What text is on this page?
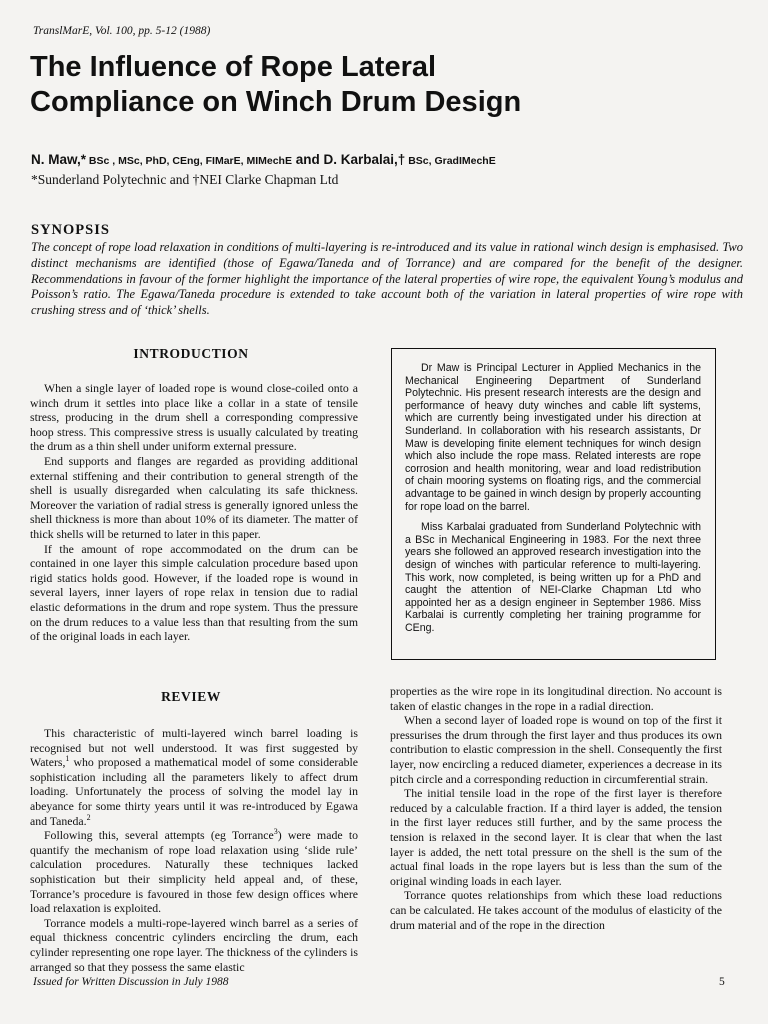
TranslMarE, Vol. 100, pp. 5-12 (1988)
The Influence of Rope Lateral
Compliance on Winch Drum Design
N. Maw,* BSc , MSc, PhD, CEng, FIMarE, MIMechE and D. Karbalai,† BSc, GradIMechE
*Sunderland Polytechnic and †NEI Clarke Chapman Ltd
SYNOPSIS

The concept of rope load relaxation in conditions of multi-layering is re-introduced and its value in rational winch design is emphasised. Two distinct mechanisms are identified (those of Egawa/Taneda and of Torrance) and are compared for the benefit of the designer. Recommendations in favour of the former highlight the importance of the lateral properties of wire rope, the equivalent Young’s modulus and Poisson’s ratio. The Egawa/Taneda procedure is extended to take account both of the variation in lateral properties of wire rope with crushing stress and of ‘thick’ shells.

INTRODUCTION

When a single layer of loaded rope is wound close-coiled onto a winch drum it settles into place like a collar in a state of tensile stress, producing in the drum shell a corresponding compressive hoop stress. This compressive stress is usually calculated by treating the drum as a thin shell under uniform external pressure.

End supports and flanges are regarded as providing additional external stiffening and their contribution to general strength of the shell is usually disregarded when calculating its safe thickness. Moreover the variation of radial stress is generally ignored unless the shell thickness is more than about 10% of its diameter. The matter of thick shells will be returned to later in this paper.

If the amount of rope accommodated on the drum can be contained in one layer this simple calculation procedure based upon rigid statics holds good. However, if the loaded rope is wound in several layers, inner layers of rope relax in tension due to radial elastic deformations in the drum and rope system. Thus the pressure on the drum reduces to a value less than that resulting from the sum of the original loads in each layer.

REVIEW

This characteristic of multi-layered winch barrel loading is recognised but not well understood. It was first suggested by Waters,$^1$ who proposed a mathematical model of some considerable sophistication including all the parameters likely to affect drum loading. Unfortunately the process of solving the model lay in abeyance for some thirty years until it was re-introduced by Egawa and Taneda.$^2$

Following this, several attempts (eg Torrance$^3$) were made to quantify the mechanism of rope load relaxation using ‘slide rule’ calculation procedures. Naturally these techniques lacked sophistication but their simplicity held appeal and, of these, Torrance’s procedure is favoured in those few design offices where load relaxation is exploited.

Torrance models a multi-rope-layered winch barrel as a series of equal thickness concentric cylinders encircling the drum, each cylinder representing one rope layer. The thickness of the cylinders is arranged so that they possess the same elastic

Dr Maw is Principal Lecturer in Applied Mechanics in the Mechanical Engineering Department of Sunderland Polytechnic. His present research interests are the design and performance of heavy duty winches and cable lift systems, which are currently being investigated under his direction at Sunderland. In collaboration with his research assistants, Dr Maw is developing finite element techniques for winch design which also include the rope mass. Related interests are rope corrosion and health monitoring, wear and load redistribution of chain mooring systems on floating rigs, and the commercial advantage to be gained in winch design by properly accounting for rope load on the barrel.

Miss Karbalai graduated from Sunderland Polytechnic with a BSc in Mechanical Engineering in 1983. For the next three years she followed an approved research investigation into the design of winches with particular reference to multi-layering. This work, now completed, is being written up for a PhD and caught the attention of NEI-Clarke Chapman Ltd who appointed her as a design engineer in September 1986. Miss Karbalai is currently completing her training programme for CEng.

properties as the wire rope in its longitudinal direction. No account is taken of elastic changes in the rope in a radial direction.

When a second layer of loaded rope is wound on top of the first it pressurises the drum through the first layer and thus produces its own contribution to elastic compression in the shell. Consequently the first layer, now encircling a reduced diameter, experiences a decrease in its pitch circle and a corresponding reduction in circumferential strain.

The initial tensile load in the rope of the first layer is therefore reduced by a calculable fraction. If a third layer is added, the tension in the first layer reduces still further, and by the same process the tension is relaxed in the second layer. It is clear that when the last layer is added, the nett total pressure on the shell is the sum of the actual final loads in the rope layers but is less than the sum of the original winding loads in each layer.

Torrance quotes relationships from which these load reductions can be calculated. He takes account of the modulus of elasticity of the drum material and of the rope in the direction

Issued for Written Discussion in July 1988	5
